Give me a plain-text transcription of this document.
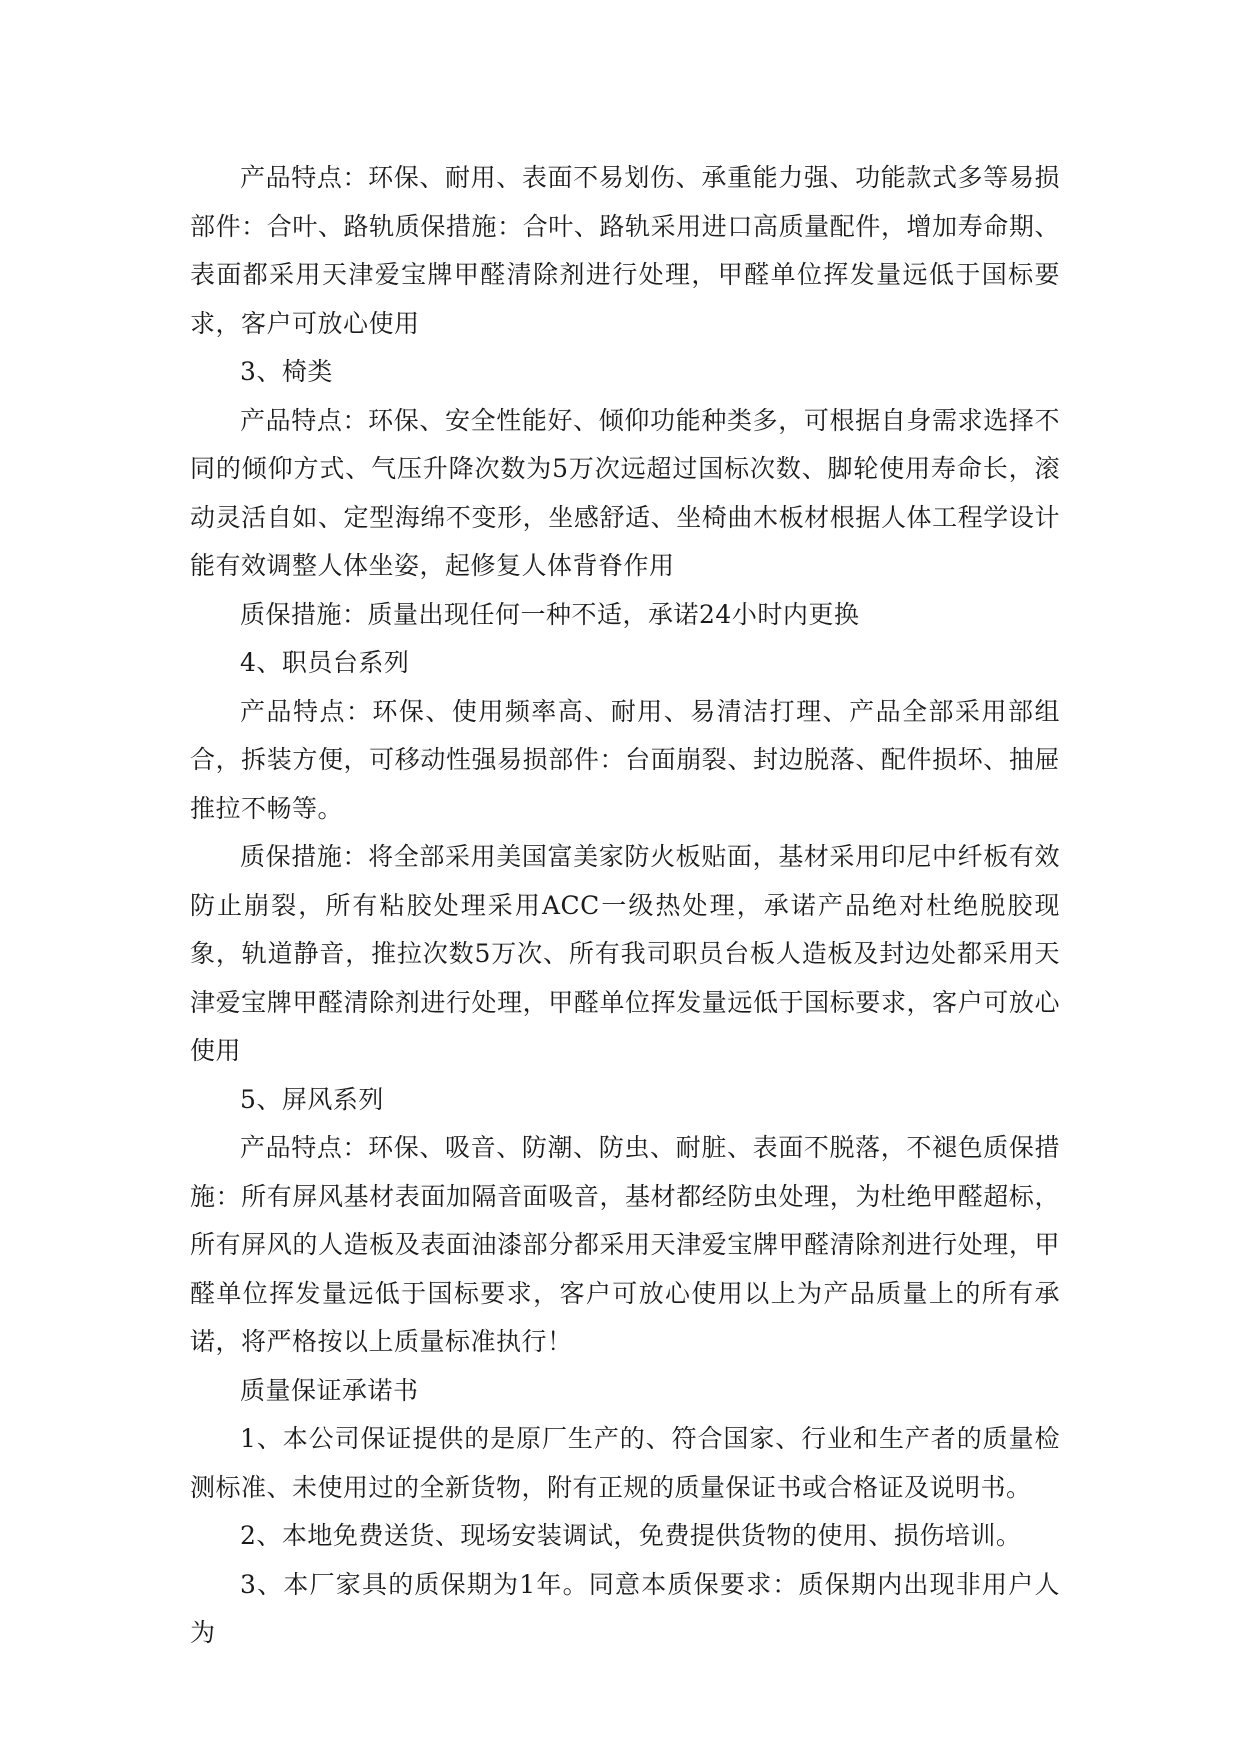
产品特点：环保、耐用、表面不易划伤、承重能力强、功能款式多等易损部件：合叶、路轨质保措施：合叶、路轨采用进口高质量配件，增加寿命期、表面都采用天津爱宝牌甲醛清除剂进行处理，甲醛单位挥发量远低于国标要求，客户可放心使用

3、椅类

产品特点：环保、安全性能好、倾仰功能种类多，可根据自身需求选择不同的倾仰方式、气压升降次数为5万次远超过国标次数、脚轮使用寿命长，滚动灵活自如、定型海绵不变形，坐感舒适、坐椅曲木板材根据人体工程学设计能有效调整人体坐姿，起修复人体背脊作用

质保措施：质量出现任何一种不适，承诺24小时内更换

4、职员台系列

产品特点：环保、使用频率高、耐用、易清洁打理、产品全部采用部组合，拆装方便，可移动性强易损部件：台面崩裂、封边脱落、配件损坏、抽屉推拉不畅等。

质保措施：将全部采用美国富美家防火板贴面，基材采用印尼中纤板有效防止崩裂，所有粘胶处理采用ACC一级热处理，承诺产品绝对杜绝脱胶现象，轨道静音，推拉次数5万次、所有我司职员台板人造板及封边处都采用天津爱宝牌甲醛清除剂进行处理，甲醛单位挥发量远低于国标要求，客户可放心使用

5、屏风系列

产品特点：环保、吸音、防潮、防虫、耐脏、表面不脱落，不褪色质保措施：所有屏风基材表面加隔音面吸音，基材都经防虫处理，为杜绝甲醛超标，所有屏风的人造板及表面油漆部分都采用天津爱宝牌甲醛清除剂进行处理，甲醛单位挥发量远低于国标要求，客户可放心使用以上为产品质量上的所有承诺，将严格按以上质量标准执行！

质量保证承诺书

1、本公司保证提供的是原厂生产的、符合国家、行业和生产者的质量检测标准、未使用过的全新货物，附有正规的质量保证书或合格证及说明书。

2、本地免费送货、现场安装调试，免费提供货物的使用、损伤培训。

3、本厂家具的质保期为1年。同意本质保要求：质保期内出现非用户人为
